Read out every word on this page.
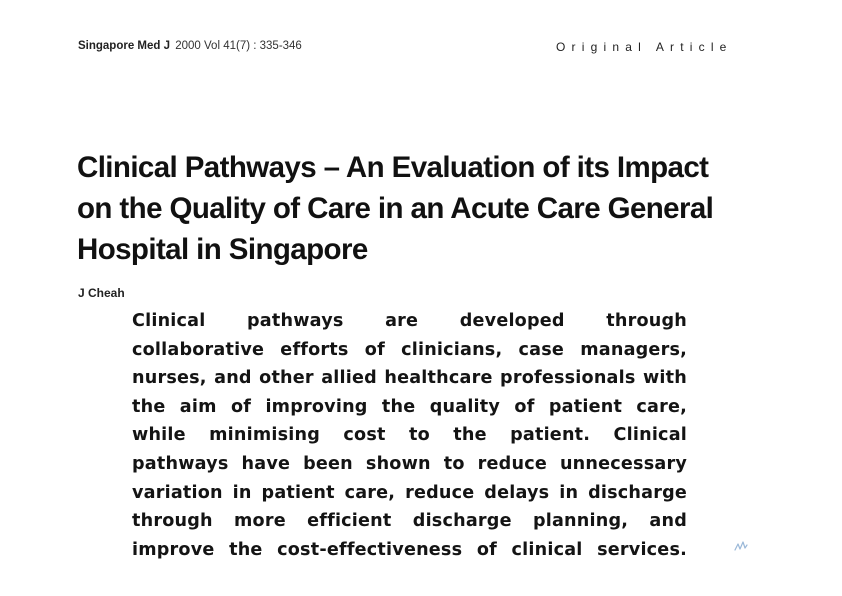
Singapore Med J 2000 Vol 41(7) : 335-346	Original Article
Clinical Pathways – An Evaluation of its Impact on the Quality of Care in an Acute Care General Hospital in Singapore
J Cheah
Clinical pathways are developed through
collaborative efforts of clinicians, case managers,
nurses, and other allied healthcare professionals with
the aim of improving the quality of patient care,
while minimising cost to the patient. Clinical
pathways have been shown to reduce unnecessary
variation in patient care, reduce delays in discharge
through more efficient discharge planning, and
improve the cost-effectiveness of clinical services.
